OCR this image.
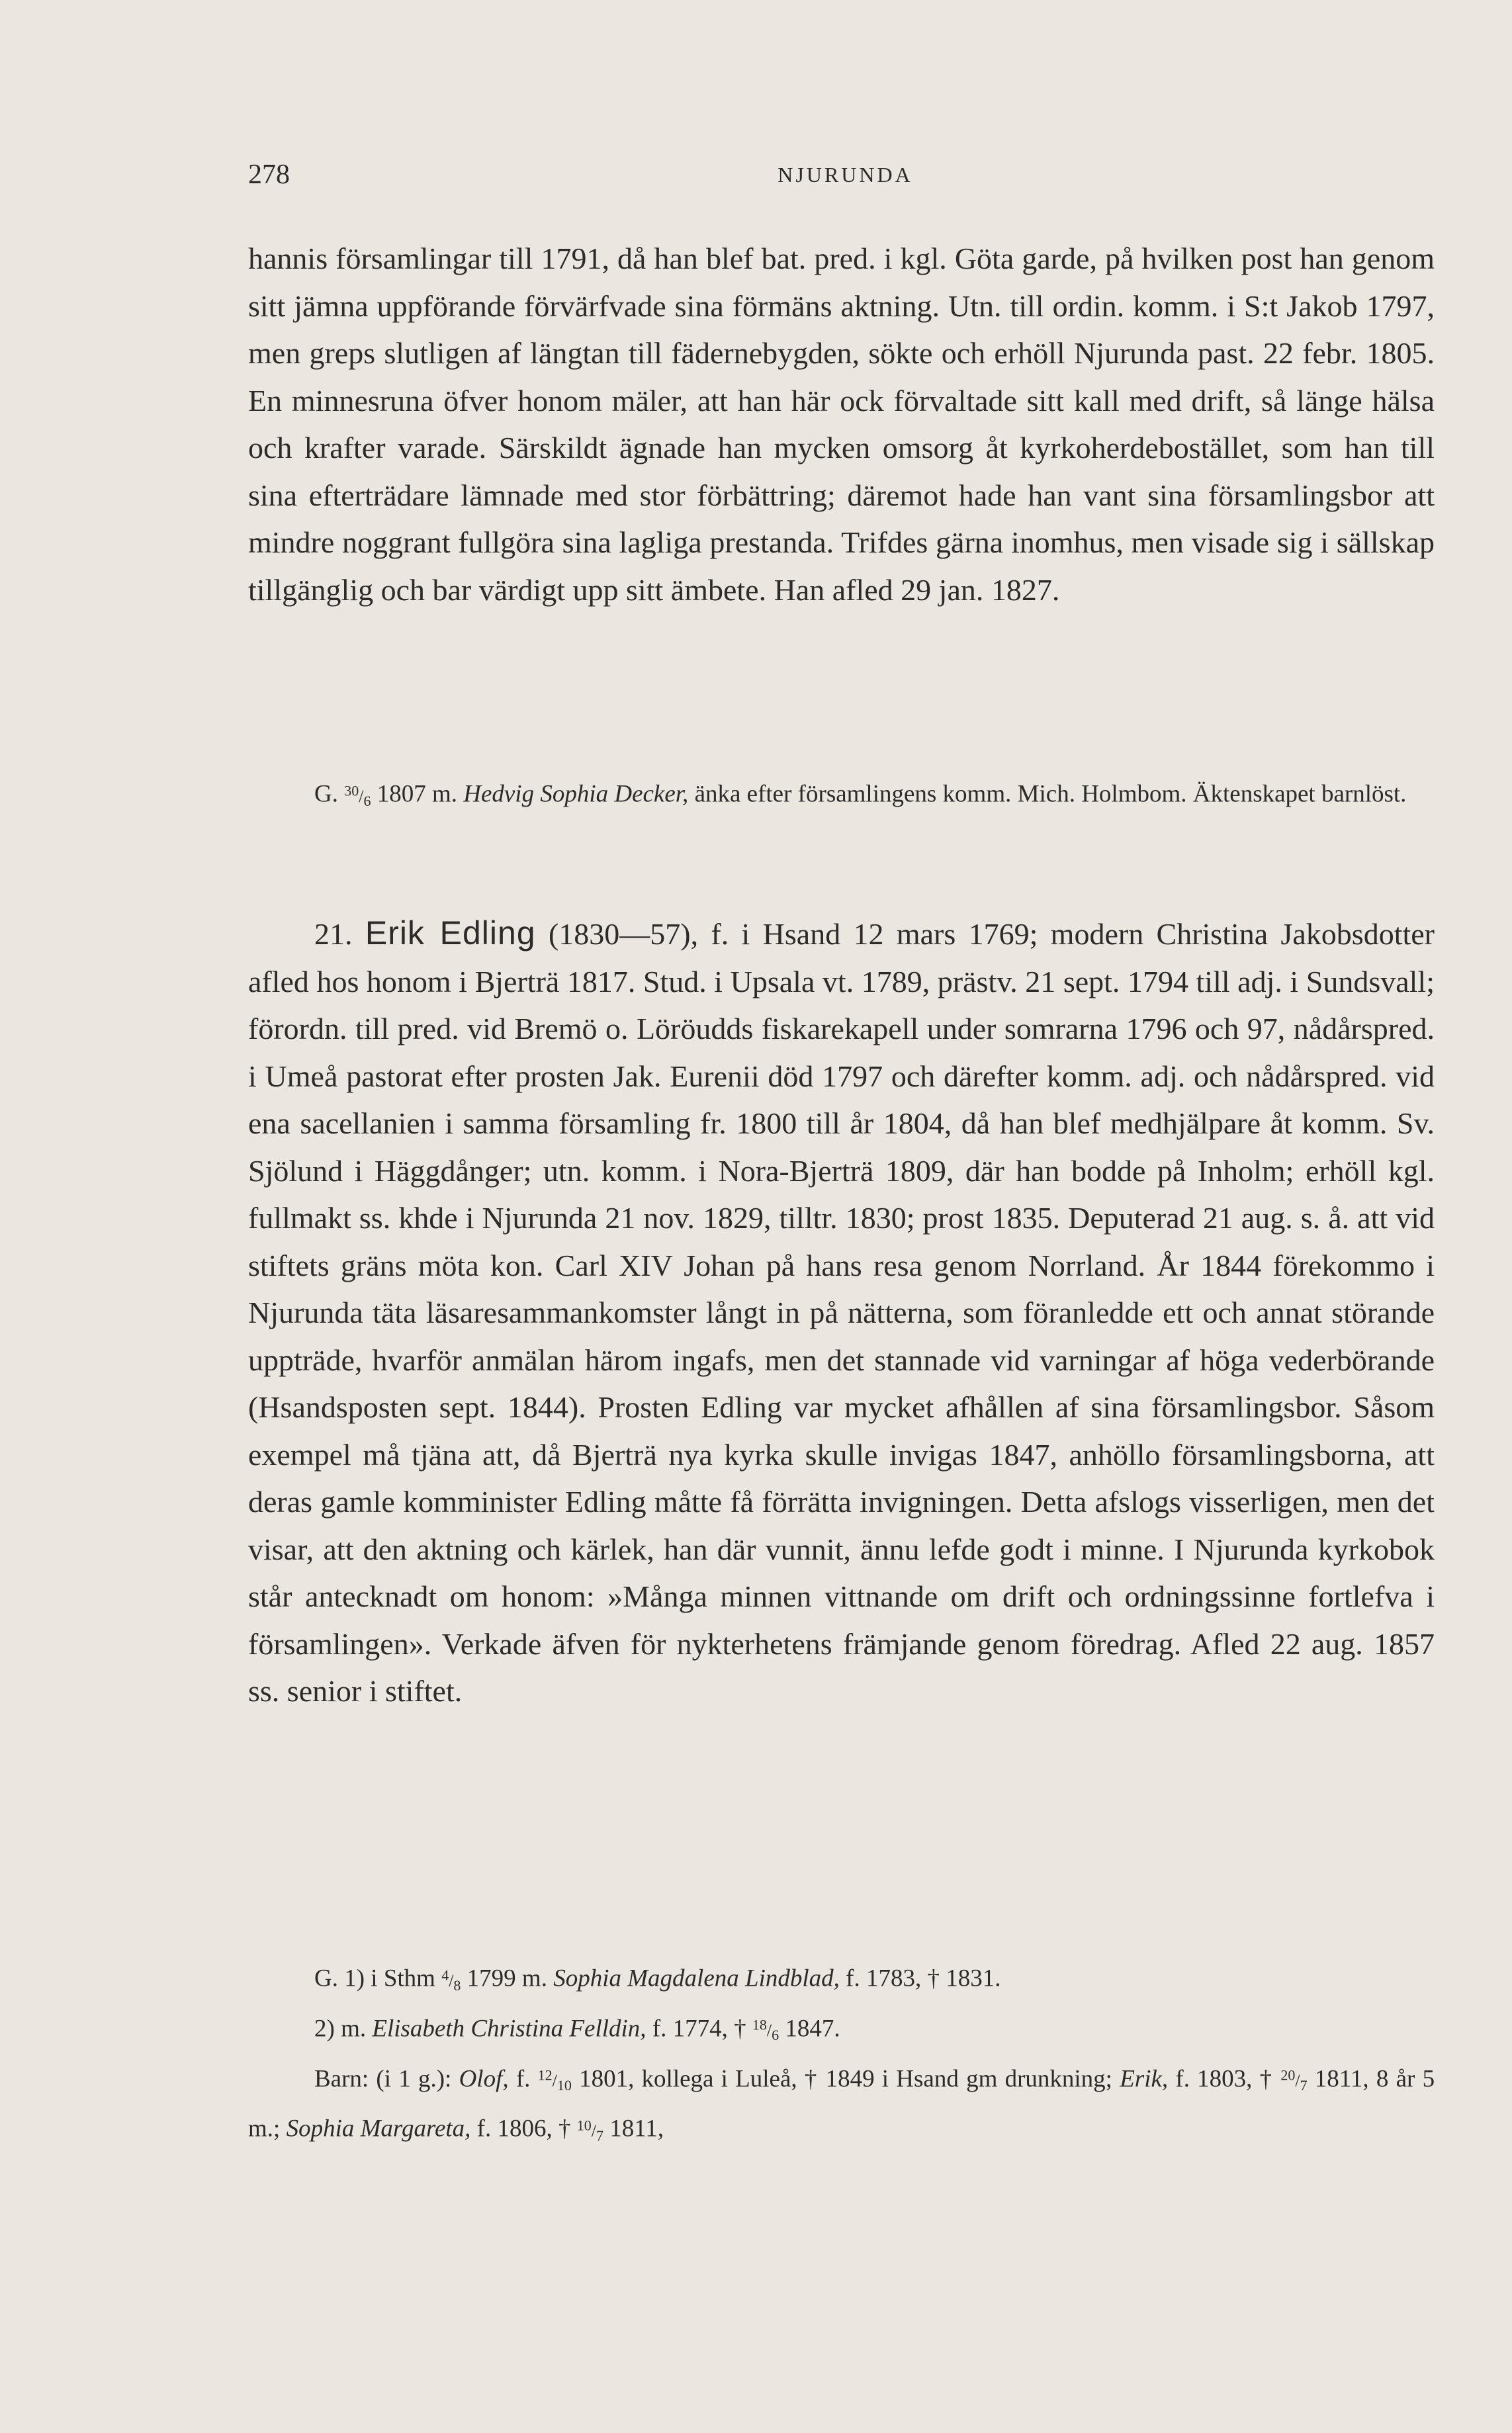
278	NJURUNDA

hannis församlingar till 1791, då han blef bat. pred. i kgl. Göta garde, på hvilken post han genom sitt jämna uppförande förvärfvade sina förmäns aktning. Utn. till ordin. komm. i S:t Jakob 1797, men greps slutligen af längtan till fädernebygden, sökte och erhöll Njurunda past. 22 febr. 1805. En minnesruna öfver honom mäler, att han här ock förvaltade sitt kall med drift, så länge hälsa och krafter varade. Särskildt ägnade han mycken omsorg åt kyrkoherdebostället, som han till sina efterträdare lämnade med stor förbättring; däremot hade han vant sina församlingsbor att mindre noggrant fullgöra sina lagliga prestanda. Trifdes gärna inomhus, men visade sig i sällskap tillgänglig och bar värdigt upp sitt ämbete. Han afled 29 jan. 1827.

G. $^{30}/_6$ 1807 m. Hedvig Sophia Decker, änka efter församlingens komm. Mich. Holmbom. Äktenskapet barnlöst.

21. Erik Edling (1830—57), f. i Hsand 12 mars 1769; modern Christina Jakobsdotter afled hos honom i Bjerträ 1817. Stud. i Upsala vt. 1789, prästv. 21 sept. 1794 till adj. i Sundsvall; förordn. till pred. vid Bremö o. Löröudds fiskarekapell under somrarna 1796 och 97, nådårspred. i Umeå pastorat efter prosten Jak. Eurenii död 1797 och därefter komm. adj. och nådårspred. vid ena sacellanien i samma församling fr. 1800 till år 1804, då han blef medhjälpare åt komm. Sv. Sjölund i Häggdånger; utn. komm. i Nora-Bjerträ 1809, där han bodde på Inholm; erhöll kgl. fullmakt ss. khde i Njurunda 21 nov. 1829, tilltr. 1830; prost 1835. Deputerad 21 aug. s. å. att vid stiftets gräns möta kon. Carl XIV Johan på hans resa genom Norrland. År 1844 förekommo i Njurunda täta läsaresammankomster långt in på nätterna, som föranledde ett och annat störande uppträde, hvarför anmälan härom ingafs, men det stannade vid varningar af höga vederbörande (Hsandsposten sept. 1844). Prosten Edling var mycket afhållen af sina församlingsbor. Såsom exempel må tjäna att, då Bjerträ nya kyrka skulle invigas 1847, anhöllo församlingsborna, att deras gamle komminister Edling måtte få förrätta invigningen. Detta afslogs visserligen, men det visar, att den aktning och kärlek, han där vunnit, ännu lefde godt i minne. I Njurunda kyrkobok står antecknadt om honom: »Många minnen vittnande om drift och ordningssinne fortlefva i församlingen». Verkade äfven för nykterhetens främjande genom föredrag. Afled 22 aug. 1857 ss. senior i stiftet.

G. 1) i Sthm $^4/_8$ 1799 m. Sophia Magdalena Lindblad, f. 1783, † 1831.

2) m. Elisabeth Christina Felldin, f. 1774, † $^{18}/_6$ 1847.

Barn: (i 1 g.): Olof, f. $^{12}/_{10}$ 1801, kollega i Luleå, † 1849 i Hsand gm drunkning; Erik, f. 1803, † $^{20}/_7$ 1811, 8 år 5 m.; Sophia Margareta, f. 1806, † $^{10}/_7$ 1811,
